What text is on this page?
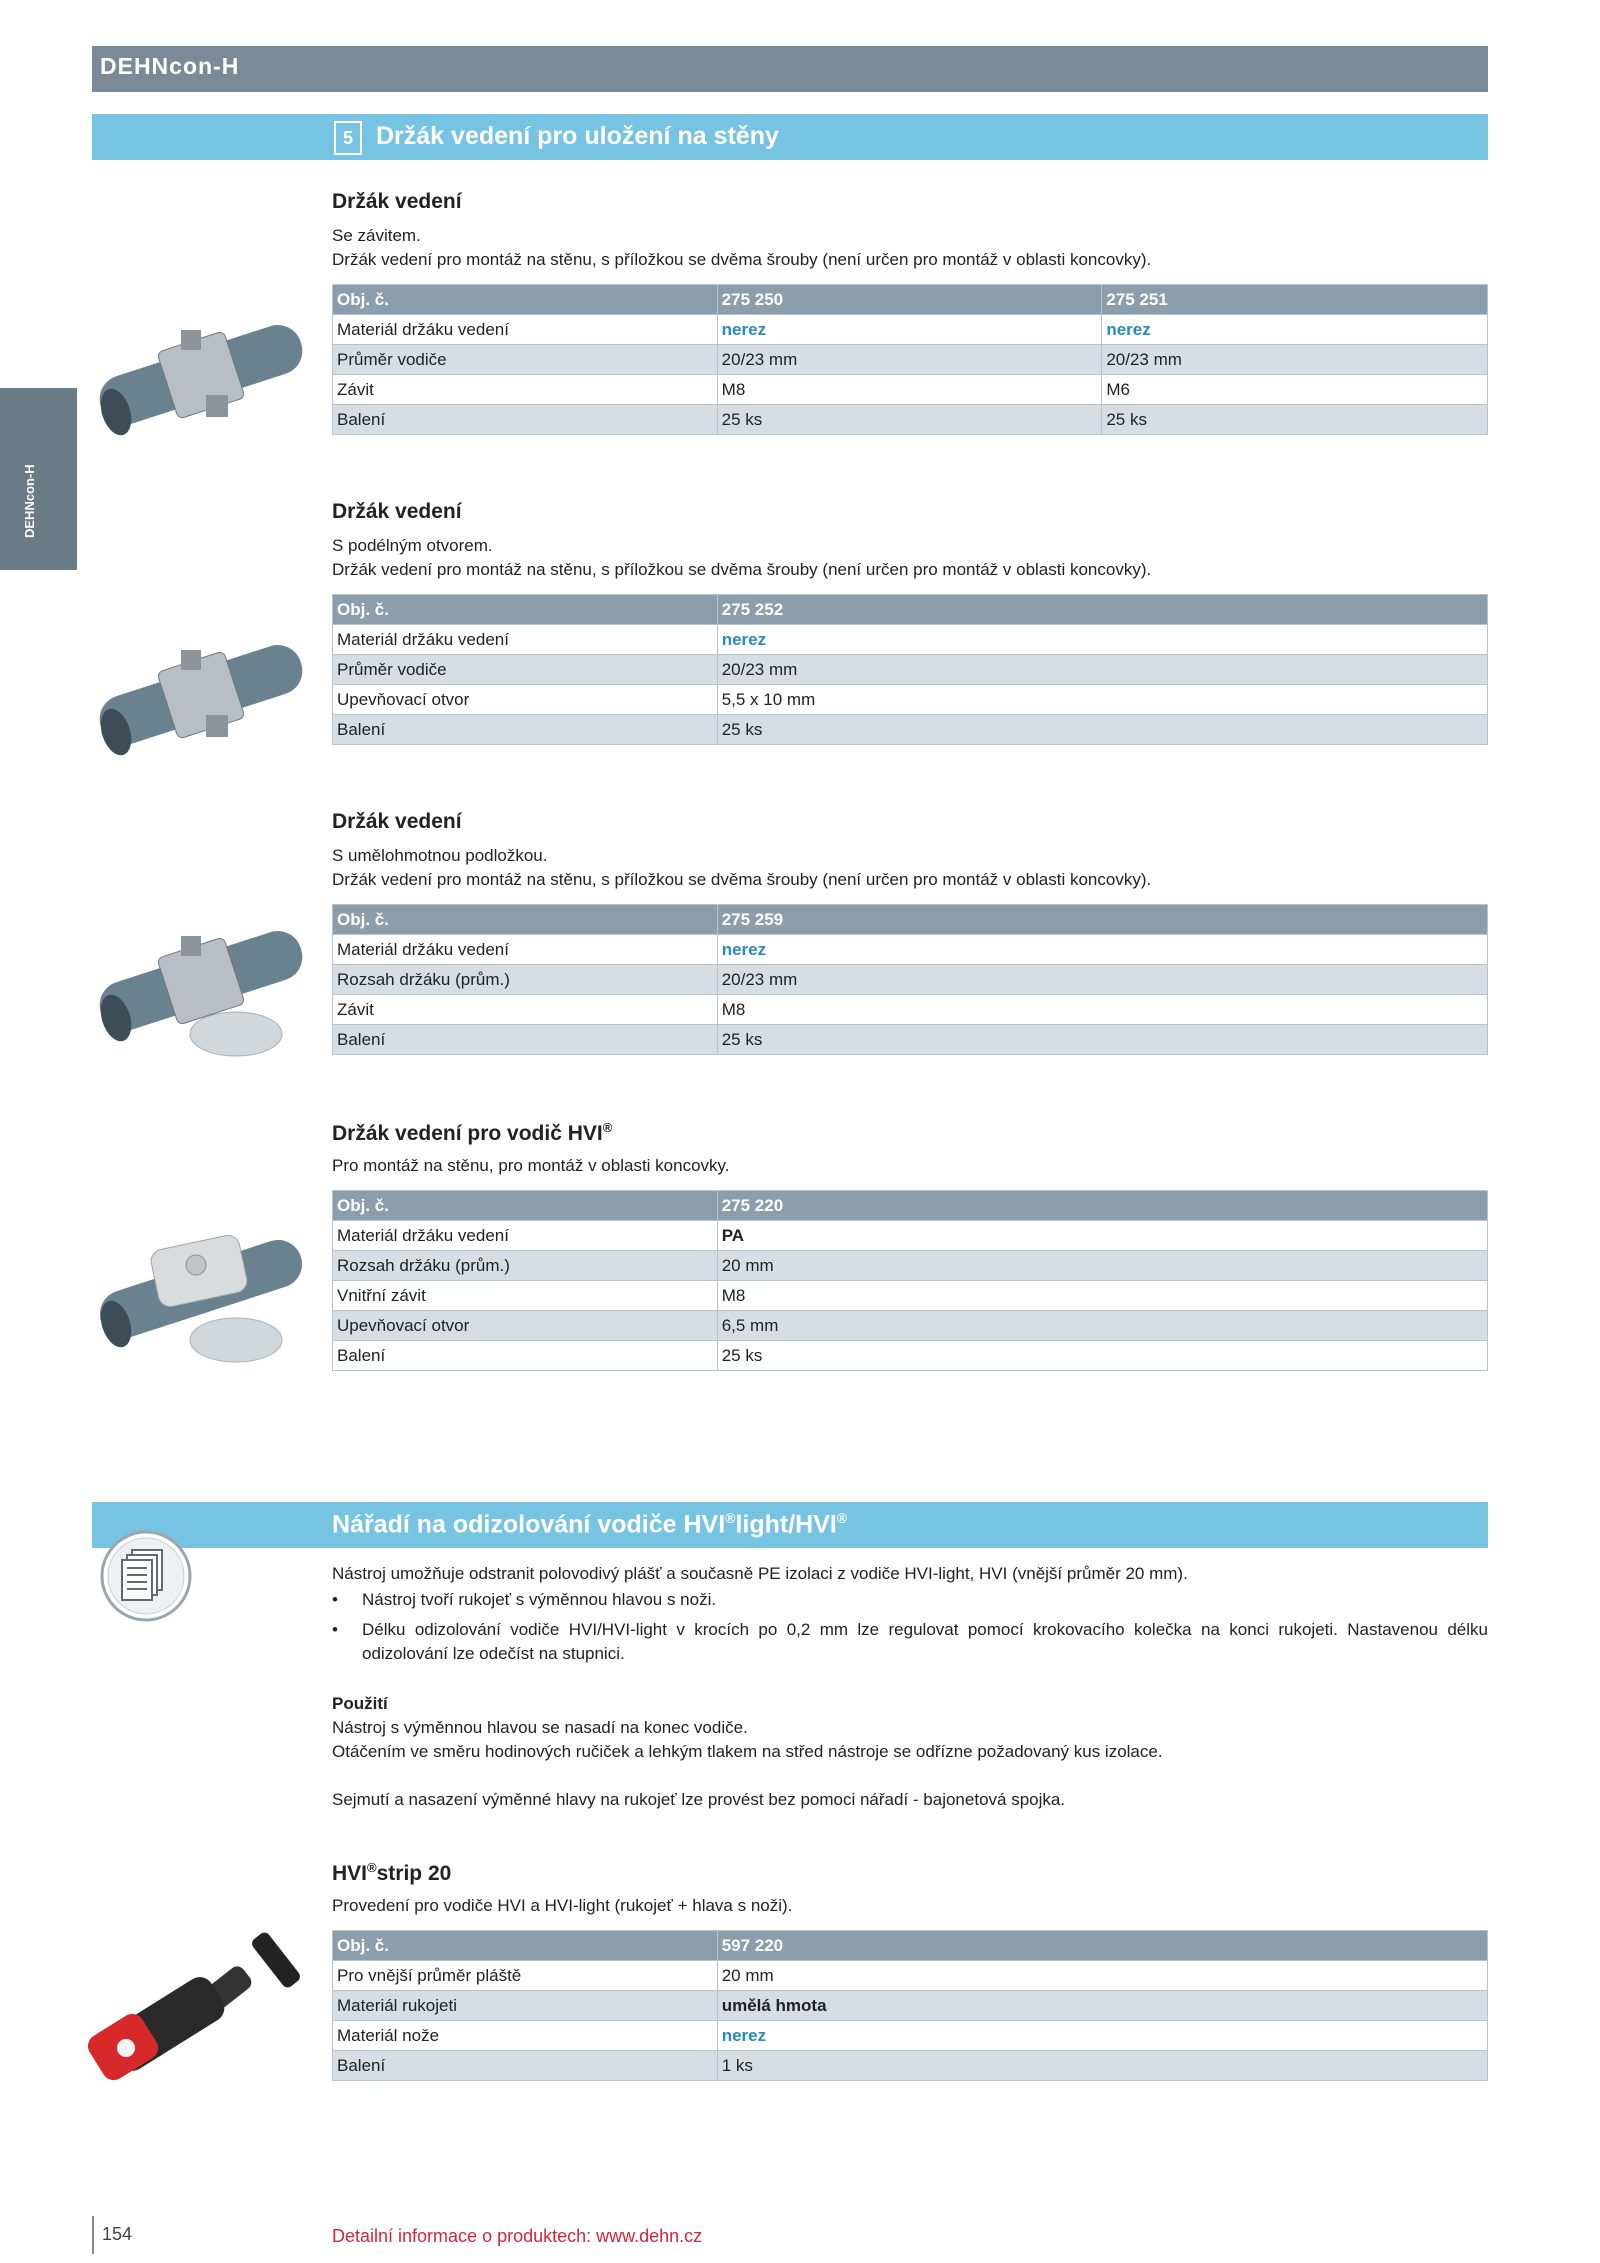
DEHNcon-H
DEHNcon-H
5 Držák vedení pro uložení na stěny
Držák vedení
Se závitem.
Držák vedení pro montáž na stěnu, s příložkou se dvěma šrouby (není určen pro montáž v oblasti koncovky).
Obj. č.	275 250	275 251
Materiál držáku vedení	nerez	nerez
Průměr vodiče	20/23 mm	20/23 mm
Závit	M8	M6
Balení	25 ks	25 ks
Držák vedení
S podélným otvorem.
Držák vedení pro montáž na stěnu, s příložkou se dvěma šrouby (není určen pro montáž v oblasti koncovky).
Obj. č.	275 252
Materiál držáku vedení	nerez
Průměr vodiče	20/23 mm
Upevňovací otvor	5,5 x 10 mm
Balení	25 ks
Držák vedení
S umělohmotnou podložkou.
Držák vedení pro montáž na stěnu, s příložkou se dvěma šrouby (není určen pro montáž v oblasti koncovky).
Obj. č.	275 259
Materiál držáku vedení	nerez
Rozsah držáku (prům.)	20/23 mm
Závit	M8
Balení	25 ks
Držák vedení pro vodič HVI®
Pro montáž na stěnu, pro montáž v oblasti koncovky.
Obj. č.	275 220
Materiál držáku vedení	PA
Rozsah držáku (prům.)	20 mm
Vnitřní závit	M8
Upevňovací otvor	6,5 mm
Balení	25 ks
Nářadí na odizolování vodiče HVI®light/HVI®
Nástroj umožňuje odstranit polovodivý plášť a současně PE izolaci z vodiče HVI-light, HVI (vnější průměr 20 mm).
• Nástroj tvoří rukojeť s výměnnou hlavou s noži.
• Délku odizolování vodiče HVI/HVI-light v krocích po 0,2 mm lze regulovat pomocí krokovacího kolečka na konci rukojeti. Nastavenou délku odizolování lze odečíst na stupnici.
Použití
Nástroj s výměnnou hlavou se nasadí na konec vodiče.
Otáčením ve směru hodinových ručiček a lehkým tlakem na střed nástroje se odřízne požadovaný kus izolace.
Sejmutí a nasazení výměnné hlavy na rukojeť lze provést bez pomoci nářadí - bajonetová spojka.
HVI®strip 20
Provedení pro vodiče HVI a HVI-light (rukojeť + hlava s noži).
Obj. č.	597 220
Pro vnější průměr pláště	20 mm
Materiál rukojeti	umělá hmota
Materiál nože	nerez
Balení	1 ks
154	Detailní informace o produktech: www.dehn.cz
